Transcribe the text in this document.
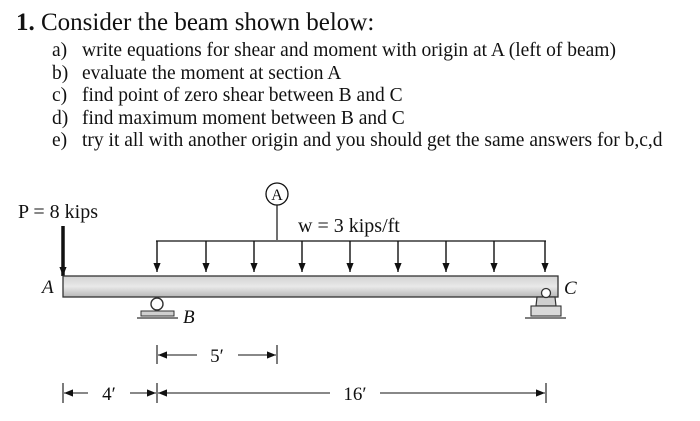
1. Consider the beam shown below:

a) write equations for shear and moment with origin at A (left of beam)
b) evaluate the moment at section A
c) find point of zero shear between B and C
d) find maximum moment between B and C
e) try it all with another origin and you should get the same answers for b,c,d
P = 8 kips
A
w = 3 kips/ft
A
B
C
5′
4′	16′
